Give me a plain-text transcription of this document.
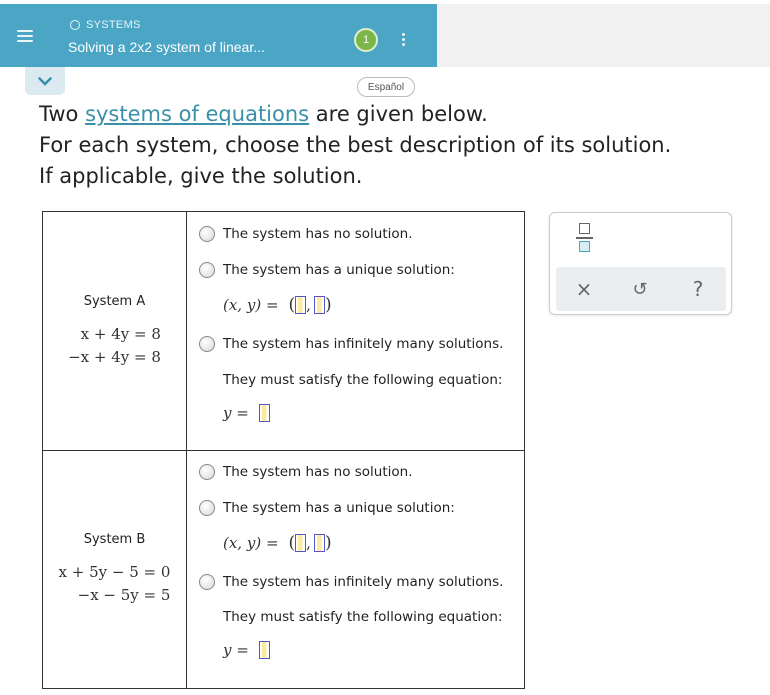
SYSTEMS
Solving a 2x2 system of linear...	1
Español
Two systems of equations are given below.
For each system, choose the best description of its solution.
If applicable, give the solution.
System A
x + 4y = 8
−x + 4y = 8
The system has no solution.
The system has a unique solution:
(x, y) = ( , )
The system has infinitely many solutions.
They must satisfy the following equation:
y =
System B
x + 5y − 5 = 0
−x − 5y = 5
The system has no solution.
The system has a unique solution:
(x, y) = ( , )
The system has infinitely many solutions.
They must satisfy the following equation:
y =
× ↺ ?
